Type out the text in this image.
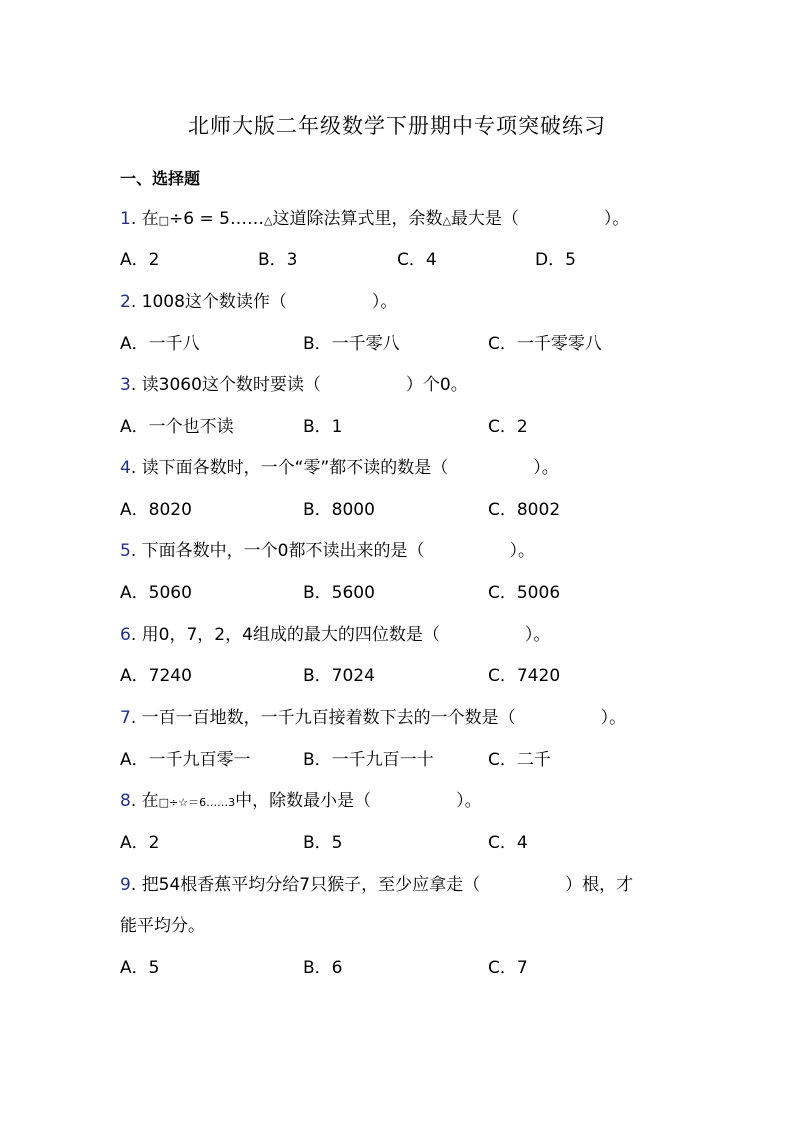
北师大版二年级数学下册期中专项突破练习
一、选择题
1. 在□÷6 = 5……△这道除法算式里，余数△最大是（　　　　　）。
A．2	B．3	C．4	D．5
2. 1008这个数读作（　　　　　）。
A．一千八	B．一千零八	C．一千零零八
3. 读3060这个数时要读（　　　　　）个0。
A．一个也不读	B．1	C．2
4. 读下面各数时，一个“零”都不读的数是（　　　　　）。
A．8020	B．8000	C．8002
5. 下面各数中，一个0都不读出来的是（　　　　　）。
A．5060	B．5600	C．5006
6. 用0，7，2，4组成的最大的四位数是（　　　　　）。
A．7240	B．7024	C．7420
7. 一百一百地数，一千九百接着数下去的一个数是（　　　　　）。
A．一千九百零一	B．一千九百一十	C．二千
8. 在□÷☆＝6……3中，除数最小是（　　　　　）。
A．2	B．5	C．4
9. 把54根香蕉平均分给7只猴子，至少应拿走（　　　　　）根，才
能平均分。
A．5	B．6	C．7
